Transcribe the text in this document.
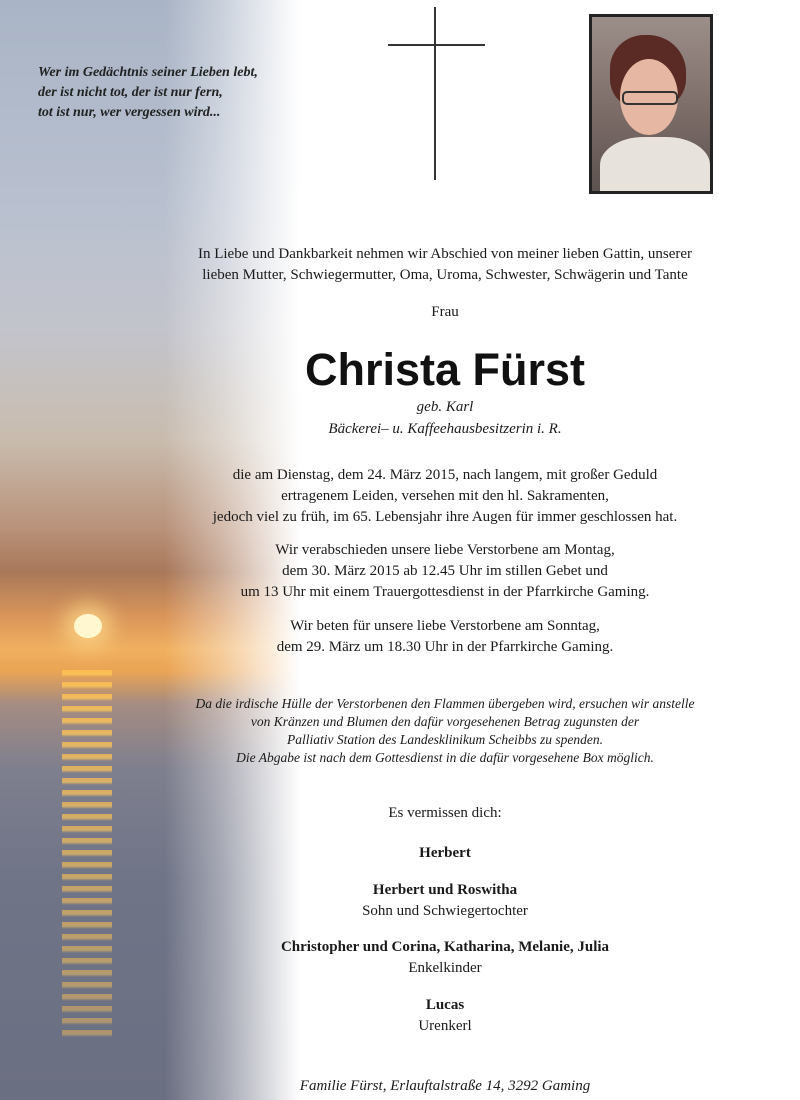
Wer im Gedächtnis seiner Lieben lebt,
der ist nicht tot, der ist nur fern,
tot ist nur, wer vergessen wird...
In Liebe und Dankbarkeit nehmen wir Abschied von meiner lieben Gattin, unserer
lieben Mutter, Schwiegermutter, Oma, Uroma, Schwester, Schwägerin und Tante
Frau
Christa Fürst
geb. Karl
Bäckerei– u. Kaffeehausbesitzerin i. R.
die am Dienstag, dem 24. März 2015, nach langem, mit großer Geduld
ertragenem Leiden, versehen mit den hl. Sakramenten,
jedoch viel zu früh, im 65. Lebensjahr ihre Augen für immer geschlossen hat.
Wir verabschieden unsere liebe Verstorbene am Montag,
dem 30. März 2015 ab 12.45 Uhr im stillen Gebet und
um 13 Uhr mit einem Trauergottesdienst in der Pfarrkirche Gaming.
Wir beten für unsere liebe Verstorbene am Sonntag,
dem 29. März um 18.30 Uhr in der Pfarrkirche Gaming.
Da die irdische Hülle der Verstorbenen den Flammen übergeben wird, ersuchen wir anstelle
von Kränzen und Blumen den dafür vorgesehenen Betrag zugunsten der
Palliativ Station des Landesklinikum Scheibbs zu spenden.
Die Abgabe ist nach dem Gottesdienst in die dafür vorgesehene Box möglich.
Es vermissen dich:
Herbert
Herbert und Roswitha
Sohn und Schwiegertochter
Christopher und Corina, Katharina, Melanie, Julia
Enkelkinder
Lucas
Urenkerl
Familie Fürst, Erlauftalstraße 14, 3292 Gaming
